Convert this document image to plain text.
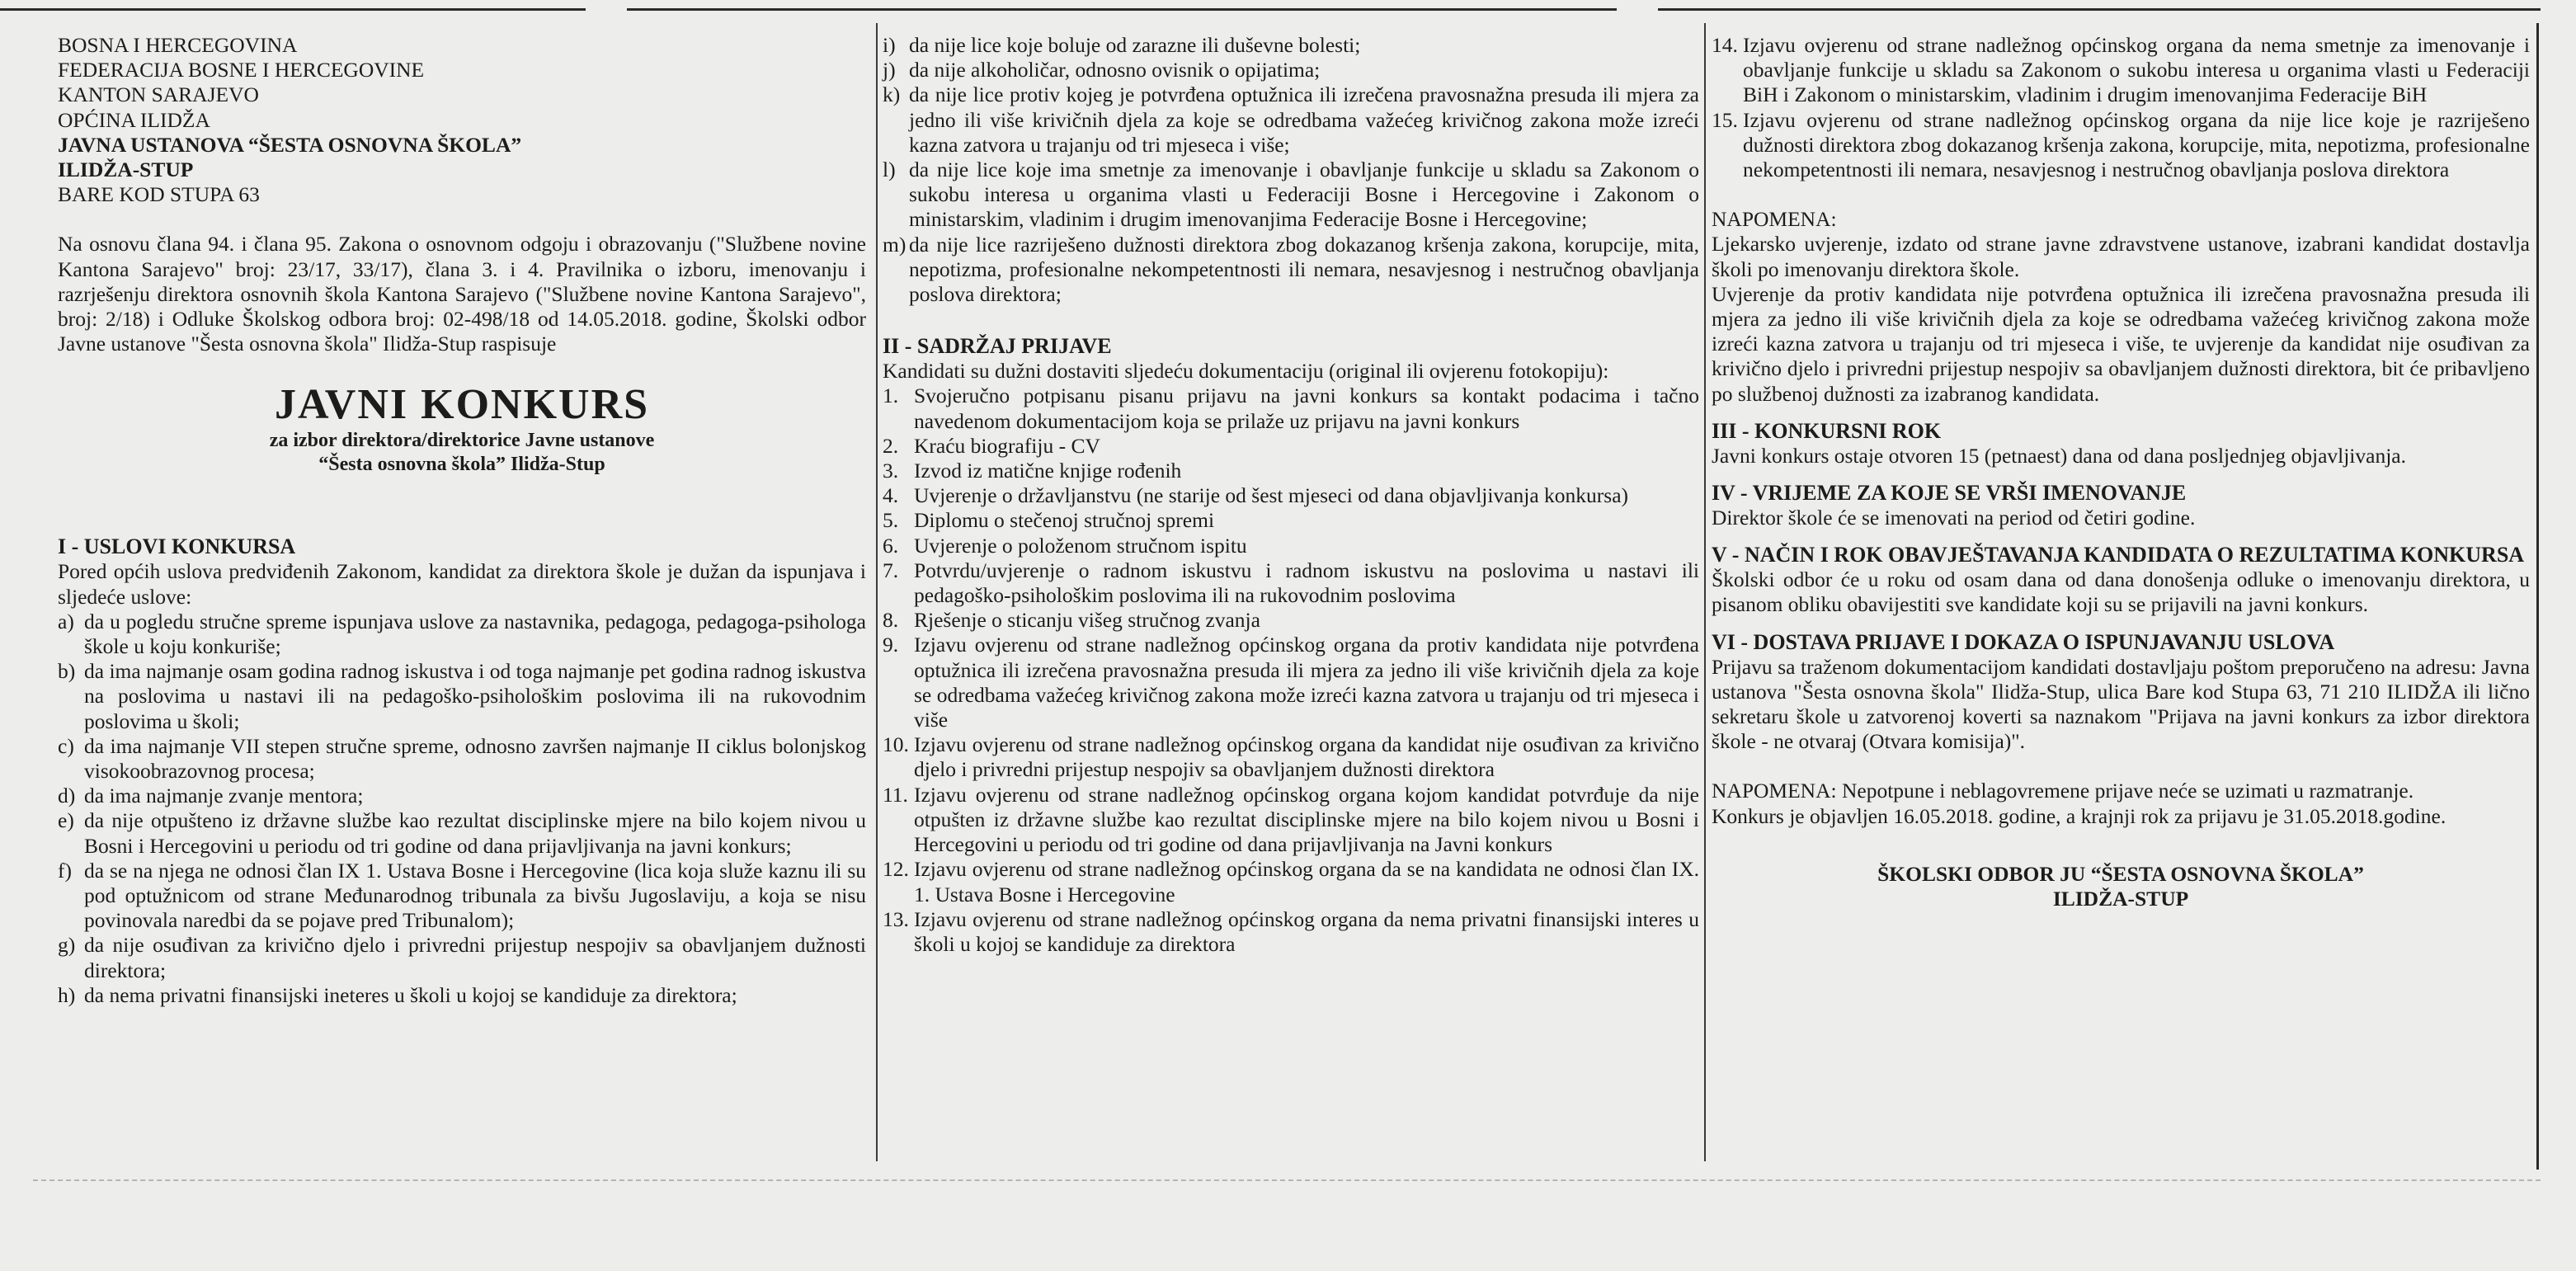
BOSNA I HERCEGOVINA

FEDERACIJA BOSNE I HERCEGOVINE

KANTON SARAJEVO

OPĆINA ILIDŽA

JAVNA USTANOVA “ŠESTA OSNOVNA ŠKOLA”

ILIDŽA-STUP

BARE KOD STUPA 63

Na osnovu člana 94. i člana 95. Zakona o osnovnom odgoju i obrazovanju ("Službene novine Kantona Sarajevo" broj: 23/17, 33/17), člana 3. i 4. Pravilnika o izboru, imenovanju i razrješenju direktora osnovnih škola Kantona Sarajevo ("Službene novine Kantona Sarajevo", broj: 2/18) i Odluke Školskog odbora broj: 02-498/18 od 14.05.2018. godine, Školski odbor Javne ustanove "Šesta osnovna škola" Ilidža-Stup raspisuje

JAVNI KONKURS
za izbor direktora/direktorice Javne ustanove
“Šesta osnovna škola” Ilidža-Stup
I - USLOVI KONKURSA

Pored općih uslova predviđenih Zakonom, kandidat za direktora škole je dužan da ispunjava i sljedeće uslove:

a) da u pogledu stručne spreme ispunjava uslove za nastavnika, pedagoga, pedagoga-psihologa škole u koju konkuriše;
b) da ima najmanje osam godina radnog iskustva i od toga najmanje pet godina radnog iskustva na poslovima u nastavi ili na pedagoško-psihološkim poslovima ili na rukovodnim poslovima u školi;
c) da ima najmanje VII stepen stručne spreme, odnosno završen najmanje II ciklus bolonjskog visokoobrazovnog procesa;
d) da ima najmanje zvanje mentora;
e) da nije otpušteno iz državne službe kao rezultat disciplinske mjere na bilo kojem nivou u Bosni i Hercegovini u periodu od tri godine od dana prijavljivanja na javni konkurs;
f) da se na njega ne odnosi član IX 1. Ustava Bosne i Hercegovine (lica koja služe kaznu ili su pod optužnicom od strane Međunarodnog tribunala za bivšu Jugoslaviju, a koja se nisu povinovala naredbi da se pojave pred Tribunalom);
g) da nije osuđivan za krivično djelo i privredni prijestup nespojiv sa obavljanjem dužnosti direktora;
h) da nema privatni finansijski ineteres u školi u kojoj se kandiduje za direktora;
i) da nije lice koje boluje od zarazne ili duševne bolesti;
j) da nije alkoholičar, odnosno ovisnik o opijatima;
k) da nije lice protiv kojeg je potvrđena optužnica ili izrečena pravosnažna presuda ili mjera za jedno ili više krivičnih djela za koje se odredbama važećeg krivičnog zakona može izreći kazna zatvora u trajanju od tri mjeseca i više;
l) da nije lice koje ima smetnje za imenovanje i obavljanje funkcije u skladu sa Zakonom o sukobu interesa u organima vlasti u Federaciji Bosne i Hercegovine i Zakonom o ministarskim, vladinim i drugim imenovanjima Federacije Bosne i Hercegovine;
m) da nije lice razriješeno dužnosti direktora zbog dokazanog kršenja zakona, korupcije, mita, nepotizma, profesionalne nekompetentnosti ili nemara, nesavjesnog i nestručnog obavljanja poslova direktora;
II - SADRŽAJ PRIJAVE

Kandidati su dužni dostaviti sljedeću dokumentaciju (original ili ovjerenu fotokopiju):

1. Svojeručno potpisanu pisanu prijavu na javni konkurs sa kontakt podacima i tačno navedenom dokumentacijom koja se prilaže uz prijavu na javni konkurs
2. Kraću biografiju - CV
3. Izvod iz matične knjige rođenih
4. Uvjerenje o državljanstvu (ne starije od šest mjeseci od dana objavljivanja konkursa)
5. Diplomu o stečenoj stručnoj spremi
6. Uvjerenje o položenom stručnom ispitu
7. Potvrdu/uvjerenje o radnom iskustvu i radnom iskustvu na poslovima u nastavi ili pedagoško-psihološkim poslovima ili na rukovodnim poslovima
8. Rješenje o sticanju višeg stručnog zvanja
9. Izjavu ovjerenu od strane nadležnog općinskog organa da protiv kandidata nije potvrđena optužnica ili izrečena pravosnažna presuda ili mjera za jedno ili više krivičnih djela za koje se odredbama važećeg krivičnog zakona može izreći kazna zatvora u trajanju od tri mjeseca i više
10. Izjavu ovjerenu od strane nadležnog općinskog organa da kandidat nije osuđivan za krivično djelo i privredni prijestup nespojiv sa obavljanjem dužnosti direktora
11. Izjavu ovjerenu od strane nadležnog općinskog organa kojom kandidat potvrđuje da nije otpušten iz državne službe kao rezultat disciplinske mjere na bilo kojem nivou u Bosni i Hercegovini u periodu od tri godine od dana prijavljivanja na Javni konkurs
12. Izjavu ovjerenu od strane nadležnog općinskog organa da se na kandidata ne odnosi član IX. 1. Ustava Bosne i Hercegovine
13. Izjavu ovjerenu od strane nadležnog općinskog organa da nema privatni finansijski interes u školi u kojoj se kandiduje za direktora
14. Izjavu ovjerenu od strane nadležnog općinskog organa da nema smetnje za imenovanje i obavljanje funkcije u skladu sa Zakonom o sukobu interesa u organima vlasti u Federaciji BiH i Zakonom o ministarskim, vladinim i drugim imenovanjima Federacije BiH
15. Izjavu ovjerenu od strane nadležnog općinskog organa da nije lice koje je razriješeno dužnosti direktora zbog dokazanog kršenja zakona, korupcije, mita, nepotizma, profesionalne nekompetentnosti ili nemara, nesavjesnog i nestručnog obavljanja poslova direktora

NAPOMENA:

Ljekarsko uvjerenje, izdato od strane javne zdravstvene ustanove, izabrani kandidat dostavlja školi po imenovanju direktora škole.

Uvjerenje da protiv kandidata nije potvrđena optužnica ili izrečena pravosnažna presuda ili mjera za jedno ili više krivičnih djela za koje se odredbama važećeg krivičnog zakona može izreći kazna zatvora u trajanju od tri mjeseca i više, te uvjerenje da kandidat nije osuđivan za krivično djelo i privredni prijestup nespojiv sa obavljanjem dužnosti direktora, bit će pribavljeno po službenoj dužnosti za izabranog kandidata.

III - KONKURSNI ROK

Javni konkurs ostaje otvoren 15 (petnaest) dana od dana posljednjeg objavljivanja.

IV - VRIJEME ZA KOJE SE VRŠI IMENOVANJE

Direktor škole će se imenovati na period od četiri godine.

V - NAČIN I ROK OBAVJEŠTAVANJA KANDIDATA O REZULTATIMA KONKURSA

Školski odbor će u roku od osam dana od dana donošenja odluke o imenovanju direktora, u pisanom obliku obavijestiti sve kandidate koji su se prijavili na javni konkurs.

VI - DOSTAVA PRIJAVE I DOKAZA O ISPUNJAVANJU USLOVA

Prijavu sa traženom dokumentacijom kandidati dostavljaju poštom preporučeno na adresu: Javna ustanova "Šesta osnovna škola" Ilidža-Stup, ulica Bare kod Stupa 63, 71 210 ILIDŽA ili lično sekretaru škole u zatvorenoj koverti sa naznakom "Prijava na javni konkurs za izbor direktora škole - ne otvaraj (Otvara komisija)".

NAPOMENA: Nepotpune i neblagovremene prijave neće se uzimati u razmatranje.

Konkurs je objavljen 16.05.2018. godine, a krajnji rok za prijavu je 31.05.2018.godine.

ŠKOLSKI ODBOR JU “ŠESTA OSNOVNA ŠKOLA”
ILIDŽA-STUP
